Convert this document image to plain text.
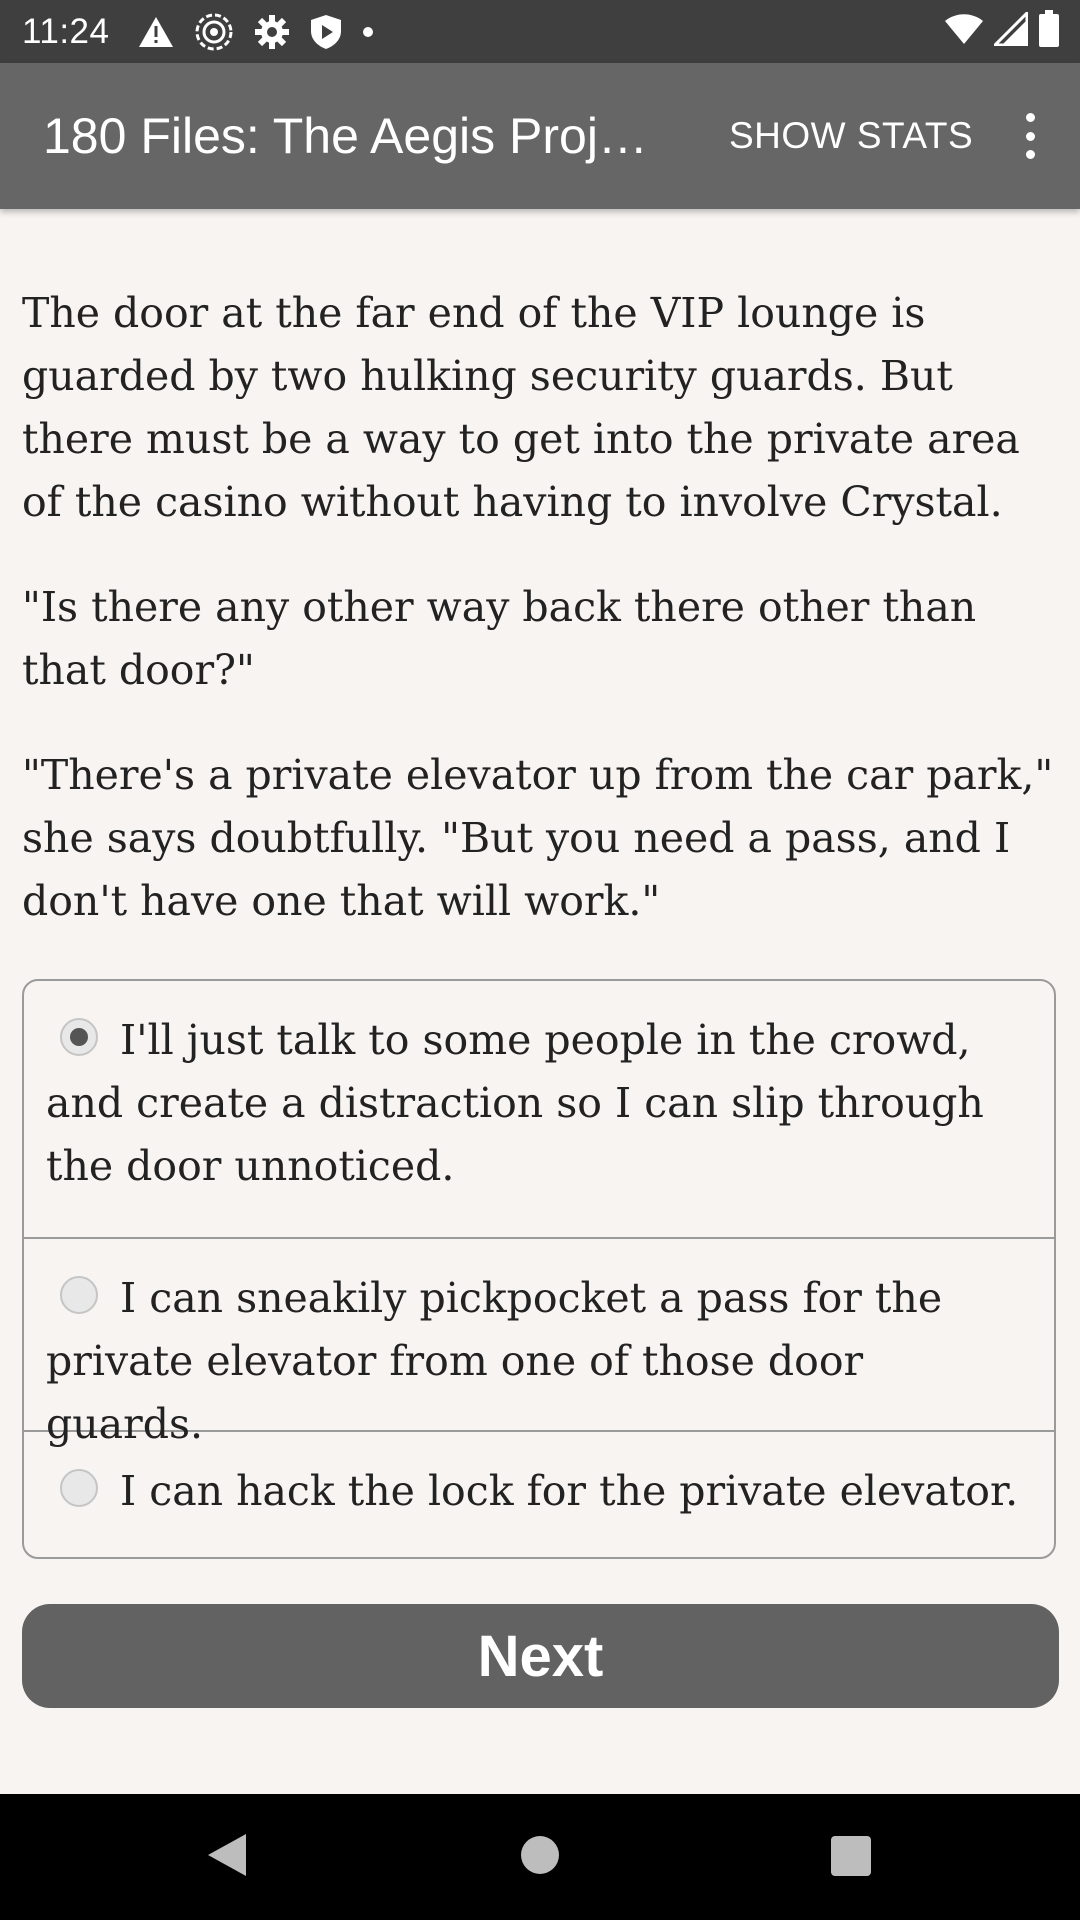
11:24
180 Files: The Aegis Proj…	SHOW STATS

The door at the far end of the VIP lounge is guarded by two hulking security guards. But there must be a way to get into the private area of the casino without having to involve Crystal.

"Is there any other way back there other than that door?"

"There's a private elevator up from the car park," she says doubtfully. "But you need a pass, and I don't have one that will work."

I'll just talk to some people in the crowd, and create a distraction so I can slip through the door unnoticed.
I can sneakily pickpocket a pass for the private elevator from one of those door guards.
I can hack the lock for the private elevator.
Next
